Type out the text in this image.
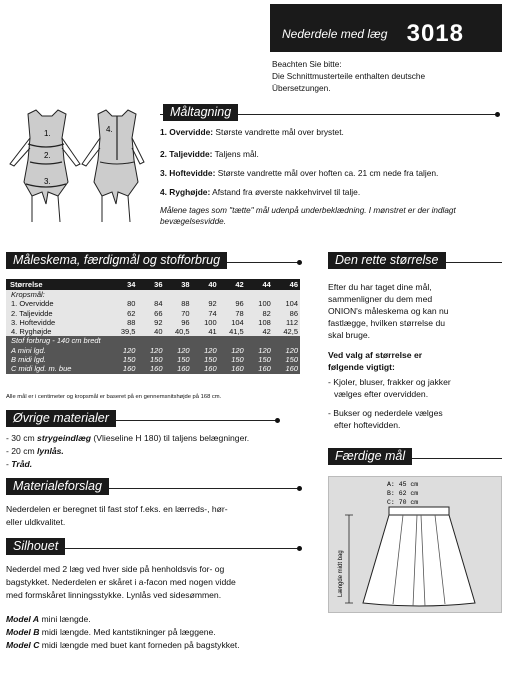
Nederdele med læg 3018
Beachten Sie bitte:
Die Schnittmusterteile enthalten deutsche
Übersetzungen.
Måltagning
1.
2.
3.
4.	1. Overvidde: Største vandrette mål over brystet.
2. Taljevidde: Taljens mål.
3. Hoftevidde: Største vandrette mål over hoften ca. 21 cm nede fra taljen.
4. Ryghøjde: Afstand fra øverste nakkehvirvel til talje.
Målene tages som "tætte" mål udenpå underbeklædning. I mønstret er der indlagt bevægelsesvidde.
Måleskema, færdigmål og stofforbrug
Størrelse	34	36	38	40	42	44	46
Kropsmål:							
1. Overvidde	80	84	88	92	96	100	104
2. Taljevidde	62	66	70	74	78	82	86
3. Hoftevidde	88	92	96	100	104	108	112
4. Ryghøjde	39,5	40	40,5	41	41,5	42	42,5
Stof forbrug - 140 cm bredt							
A mini lgd.	120	120	120	120	120	120	120
B midi lgd.	150	150	150	150	150	150	150
C midi lgd. m. bue	160	160	160	160	160	160	160
Alle mål er i centimeter og kropsmål er baseret på en gennemsnitshøjde på 168 cm.
Øvrige materialer
- 30 cm strygeindlæg (Vlieseline H 180) til taljens belægninger.
- 20 cm lynlås.
- Tråd.
Materialeforslag
Nederdelen er beregnet til fast stof f.eks. en lærreds-, hør-
eller uldkvalitet.
Silhouet
Nederdel med 2 læg ved hver side på henholdsvis for- og
bagstykket. Nederdelen er skåret i a-facon med nogen vidde
med formskåret linningsstykke. Lynlås ved sidesømmen.
Model A mini længde.
Model B midi længde. Med kantstikninger på læggene.
Model C midi længde med buet kant forneden på bagstykket.
Den rette størrelse
Efter du har taget dine mål,
sammenligner du dem med
ONION's måleskema og kan nu
fastlægge, hvilken størrelse du
skal bruge.
Ved valg af størrelse er
følgende vigtigt:
- Kjoler, bluser, frakker og jakker
vælges efter overvidden.
- Bukser og nederdele vælges
efter hoftevidden.
Færdige mål
Længde midt bag
A: 45 cm
B: 62 cm
C: 70 cm
